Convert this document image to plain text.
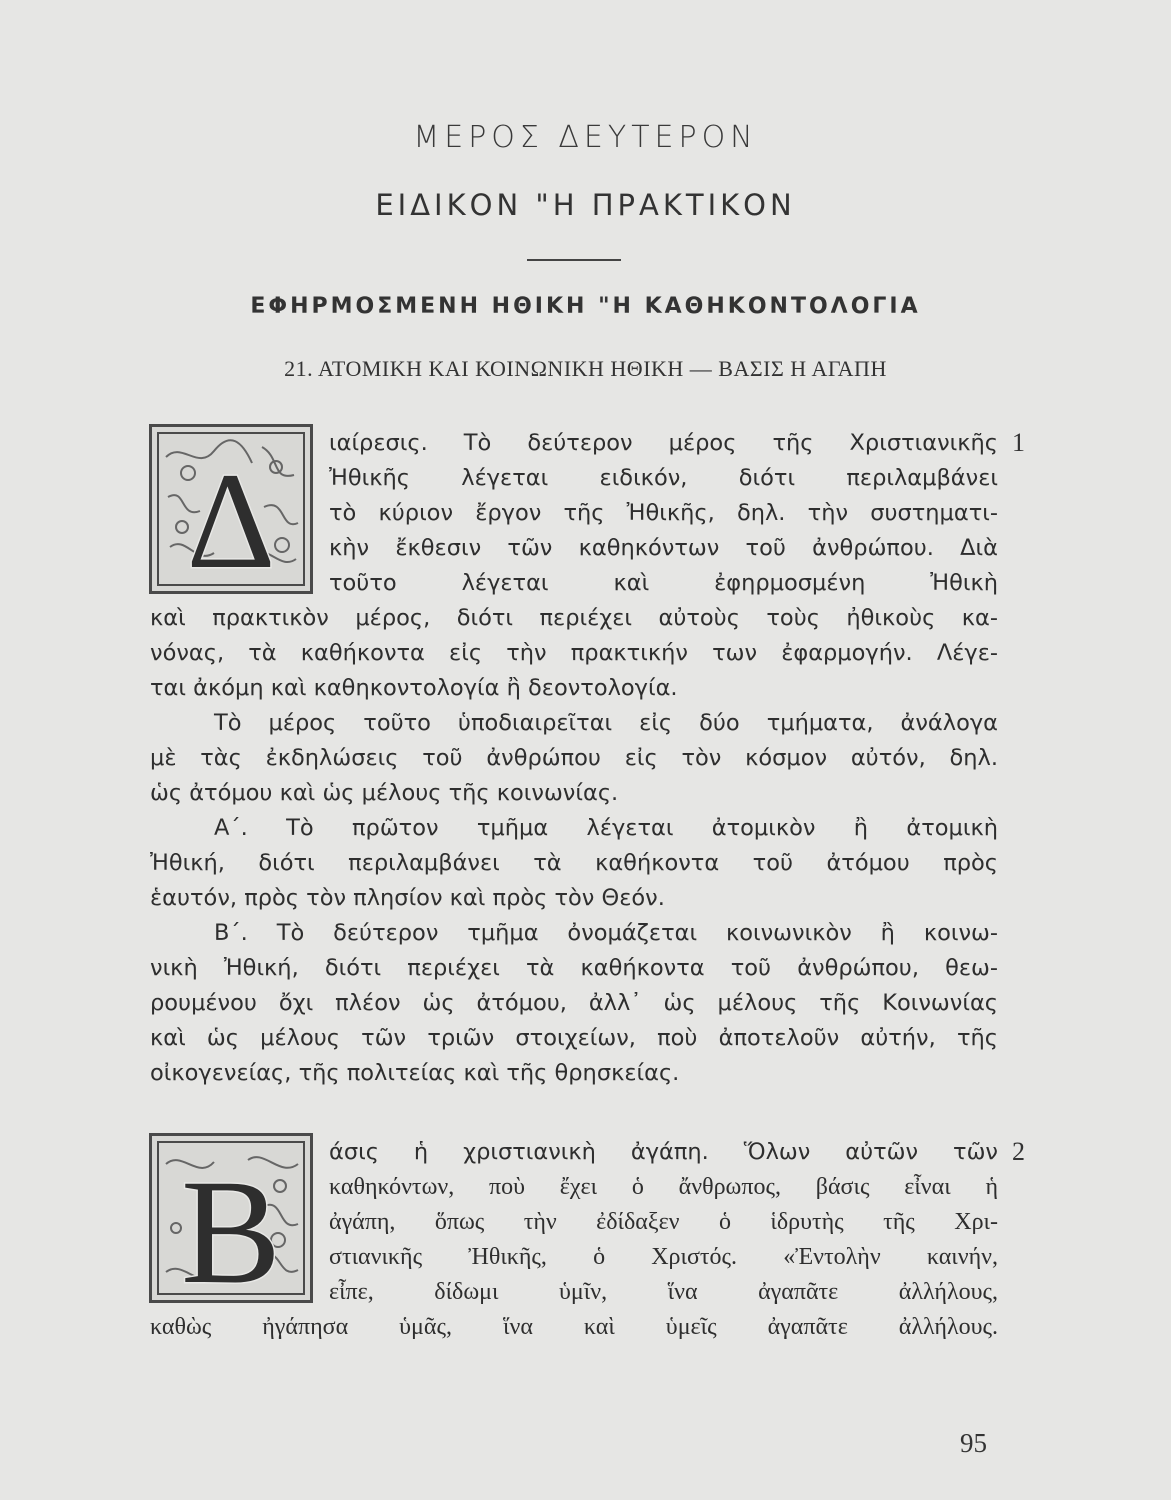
ΜΕΡΟΣ ΔΕΥΤΕΡΟΝ
ΕΙΔΙΚΟΝ "Η ΠΡΑΚΤΙΚΟΝ
ΕΦΗΡΜΟΣΜΕΝΗ ΗΘΙΚΗ "Η ΚΑΘΗΚΟΝΤΟΛΟΓΙΑ
21. ΑΤΟΜΙΚΗ ΚΑΙ ΚΟΙΝΩΝΙΚΗ ΗΘΙΚΗ — ΒΑΣΙΣ Η ΑΓΑΠΗ
Δ
Β
ιαίρεσις. Τὸ δεύτερον μέρος τῆς Χριστιανικῆς 1
Ἠθικῆς λέγεται ειδικόν, διότι περιλαμβάνει
τὸ κύριον ἔργον τῆς Ἠθικῆς, δηλ. τὴν συστηματι-
κὴν ἔκθεσιν τῶν καθηκόντων τοῦ ἀνθρώπου. Διὰ
τοῦτο λέγεται καὶ ἐφηρμοσμένη Ἠθικὴ
καὶ πρακτικὸν μέρος, διότι περιέχει αὐτοὺς τοὺς ἠθικοὺς κα-
νόνας, τὰ καθήκοντα εἰς τὴν πρακτικήν των ἐφαρμογήν. Λέγε-
ται ἀκόμη καὶ καθηκοντολογία ἢ δεοντολογία.
Τὸ μέρος τοῦτο ὑποδιαιρεῖται εἰς δύο τμήματα, ἀνάλογα
μὲ τὰς ἐκδηλώσεις τοῦ ἀνθρώπου εἰς τὸν κόσμον αὐτόν, δηλ.
ὡς ἀτόμου καὶ ὡς μέλους τῆς κοινωνίας.
Α΄. Τὸ πρῶτον τμῆμα λέγεται ἀτομικὸν ἢ ἀτομικὴ
Ἠθική, διότι περιλαμβάνει τὰ καθήκοντα τοῦ ἀτόμου πρὸς
ἑαυτόν, πρὸς τὸν πλησίον καὶ πρὸς τὸν Θεόν.
Β΄. Τὸ δεύτερον τμῆμα ὀνομάζεται κοινωνικὸν ἢ κοινω-
νικὴ Ἠθική, διότι περιέχει τὰ καθήκοντα τοῦ ἀνθρώπου, θεω-
ρουμένου ὄχι πλέον ὡς ἀτόμου, ἀλλ᾽ ὡς μέλους τῆς Κοινωνίας
καὶ ὡς μέλους τῶν τριῶν στοιχείων, ποὺ ἀποτελοῦν αὐτήν, τῆς
οἰκογενείας, τῆς πολιτείας καὶ τῆς θρησκείας.
άσις ἡ χριστιανικὴ ἀγάπη. Ὅλων αὐτῶν τῶν 2
καθηκόντων, ποὺ ἔχει ὁ ἄνθρωπος, βάσις εἶναι ἡ
ἀγάπη, ὅπως τὴν ἐδίδαξεν ὁ ἱδρυτὴς τῆς Χρι-
στιανικῆς Ἠθικῆς, ὁ Χριστός. «Ἐντολὴν καινήν,
εἶπε, δίδωμι ὑμῖν, ἵνα ἀγαπᾶτε ἀλλήλους,
καθὼς ἠγάπησα ὑμᾶς, ἵνα καὶ ὑμεῖς ἀγαπᾶτε ἀλλήλους.
95
